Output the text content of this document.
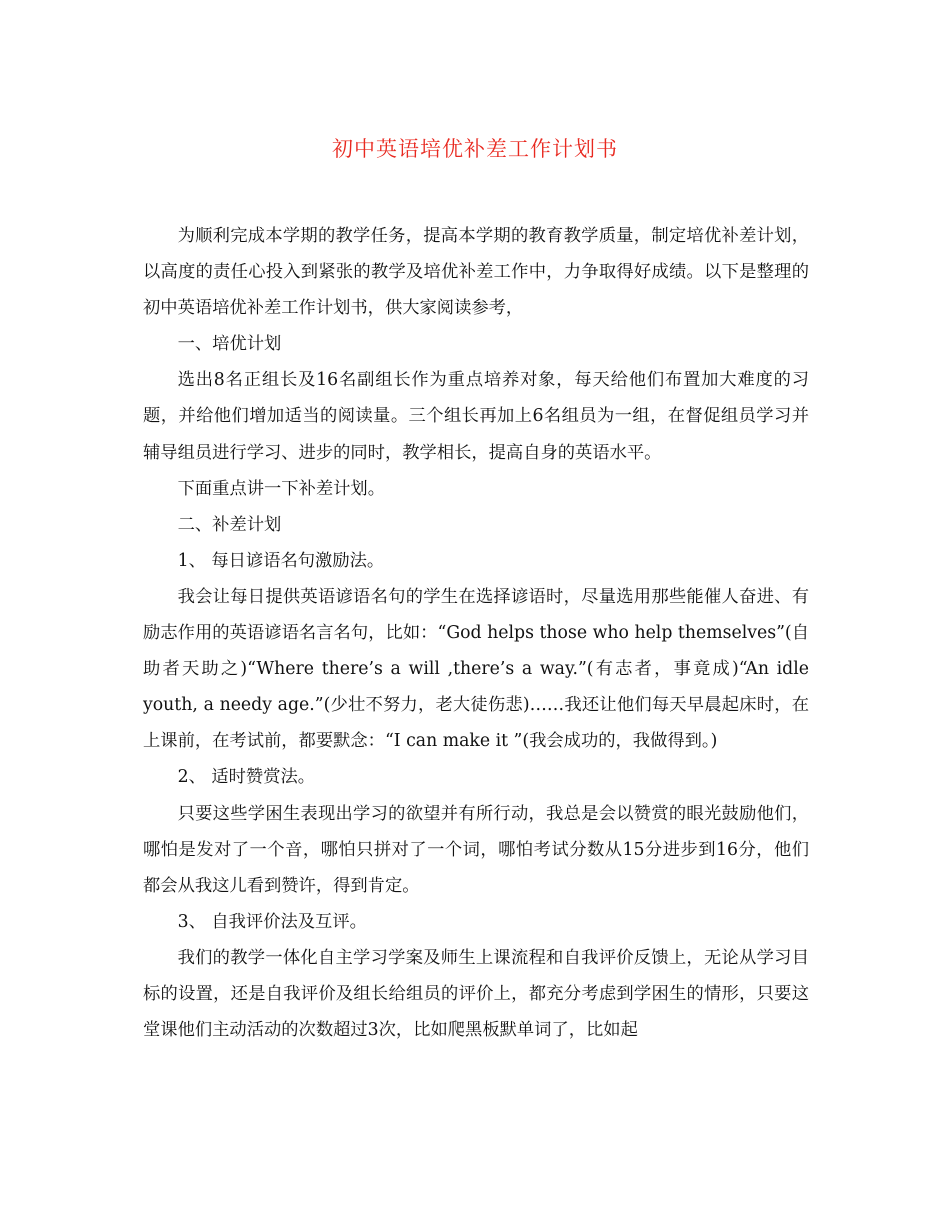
初中英语培优补差工作计划书

为顺利完成本学期的教学任务，提高本学期的教育教学质量，制定培优补差计划，以高度的责任心投入到紧张的教学及培优补差工作中，力争取得好成绩。以下是整理的初中英语培优补差工作计划书，供大家阅读参考，

一、培优计划

选出8名正组长及16名副组长作为重点培养对象，每天给他们布置加大难度的习题，并给他们增加适当的阅读量。三个组长再加上6名组员为一组，在督促组员学习并辅导组员进行学习、进步的同时，教学相长，提高自身的英语水平。

下面重点讲一下补差计划。

二、补差计划

1、 每日谚语名句激励法。

我会让每日提供英语谚语名句的学生在选择谚语时，尽量选用那些能催人奋进、有励志作用的英语谚语名言名句，比如：“God helps those who help themselves”(自助者天助之)“Where there’s a will ,there’s a way.”(有志者，事竟成)“An idle youth, a needy age.”(少壮不努力，老大徒伤悲)……我还让他们每天早晨起床时，在上课前，在考试前，都要默念：“I can make it ”(我会成功的，我做得到。)

2、 适时赞赏法。

只要这些学困生表现出学习的欲望并有所行动，我总是会以赞赏的眼光鼓励他们，哪怕是发对了一个音，哪怕只拼对了一个词，哪怕考试分数从15分进步到16分，他们都会从我这儿看到赞许，得到肯定。

3、 自我评价法及互评。

我们的教学一体化自主学习学案及师生上课流程和自我评价反馈上，无论从学习目标的设置，还是自我评价及组长给组员的评价上，都充分考虑到学困生的情形，只要这堂课他们主动活动的次数超过3次，比如爬黑板默单词了，比如起
